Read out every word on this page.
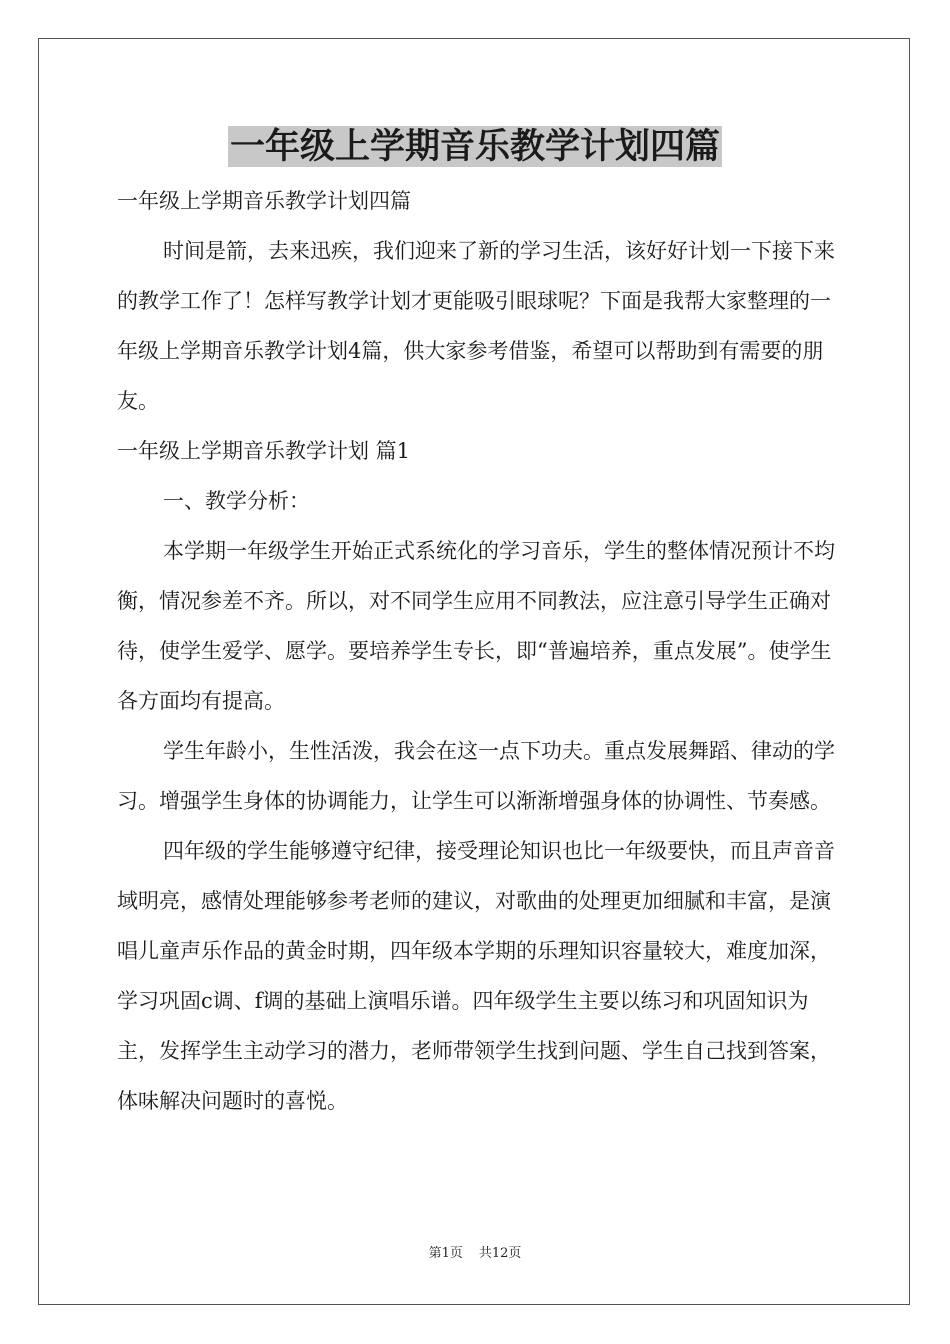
一年级上学期音乐教学计划四篇

一年级上学期音乐教学计划四篇

时间是箭，去来迅疾，我们迎来了新的学习生活，该好好计划一下接下来的教学工作了！怎样写教学计划才更能吸引眼球呢？下面是我帮大家整理的一年级上学期音乐教学计划4篇，供大家参考借鉴，希望可以帮助到有需要的朋友。

一年级上学期音乐教学计划 篇1

一、教学分析：

本学期一年级学生开始正式系统化的学习音乐，学生的整体情况预计不均衡，情况参差不齐。所以，对不同学生应用不同教法，应注意引导学生正确对待，使学生爱学、愿学。要培养学生专长，即“普遍培养，重点发展”。使学生各方面均有提高。

学生年龄小，生性活泼，我会在这一点下功夫。重点发展舞蹈、律动的学习。增强学生身体的协调能力，让学生可以渐渐增强身体的协调性、节奏感。

四年级的学生能够遵守纪律，接受理论知识也比一年级要快，而且声音音域明亮，感情处理能够参考老师的建议，对歌曲的处理更加细腻和丰富，是演唱儿童声乐作品的黄金时期，四年级本学期的乐理知识容量较大，难度加深，学习巩固c调、f调的基础上演唱乐谱。四年级学生主要以练习和巩固知识为主，发挥学生主动学习的潜力，老师带领学生找到问题、学生自己找到答案，体味解决问题时的喜悦。

第1页 共12页
